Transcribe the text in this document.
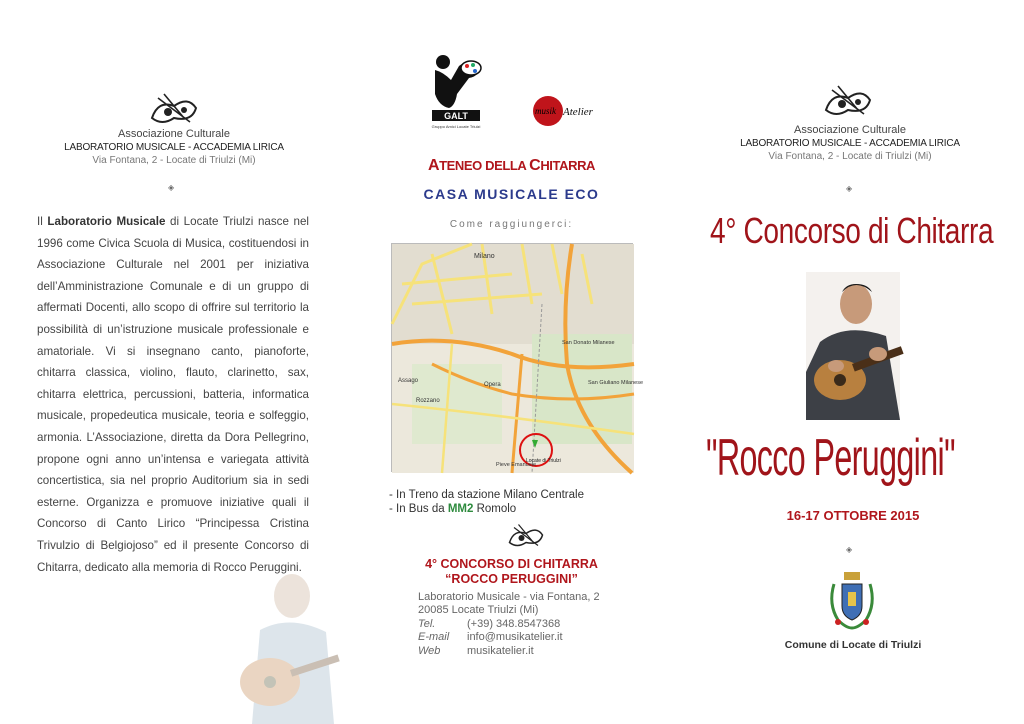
Associazione Culturale
LABORATORIO MUSICALE - ACCADEMIA LIRICA
Via Fontana, 2 - Locate di Triulzi (Mi)
◈

Il Laboratorio Musicale di Locate Triulzi nasce nel 1996 come Civica Scuola di Musica, costituendosi in Associazione Culturale nel 2001 per iniziativa dell’Amministrazione Comunale e di un gruppo di affermati Docenti, allo scopo di offrire sul territorio la possibilità di un’istruzione musicale professionale e amatoriale. Vi si insegnano canto, pianoforte, chitarra classica, violino, flauto, clarinetto, sax, chitarra elettrica, percussioni, batteria, informatica musicale, propedeutica musicale, teoria e solfeggio, armonia. L’Associazione, diretta da Dora Pellegrino, propone ogni anno un’intensa e variegata attività concertistica, sia nel proprio Auditorium sia in sedi esterne. Organizza e promuove iniziative quali il Concorso di Canto Lirico “Principessa Cristina Trivulzio di Belgiojoso” ed il presente Concorso di Chitarra, dedicato alla memoria di Rocco Peruggini.

GALT
Gruppo Amici Locate Triulzi
musik Atelier
ATENEO DELLA CHITARRA
CASA MUSICALE ECO
Come raggiungerci:
Milano
Assago
Rozzano
Opera
San Donato Milanese
San Giuliano Milanese
Pieve Emanuele
Locate di Triulzi
- In Treno da stazione Milano Centrale
- In Bus da MM2 Romolo
4° CONCORSO DI CHITARRA
“ROCCO PERUGGINI”
Laboratorio Musicale - via Fontana, 2
20085 Locate Triulzi (Mi)
Tel.	(+39) 348.8547368
E-mail	info@musikatelier.it
Web	musikatelier.it
Associazione Culturale
LABORATORIO MUSICALE - ACCADEMIA LIRICA
Via Fontana, 2 - Locate di Triulzi (Mi)
◈
4° Concorso di Chitarra
"Rocco Peruggini"
16-17 OTTOBRE 2015
◈
Comune di Locate di Triulzi
